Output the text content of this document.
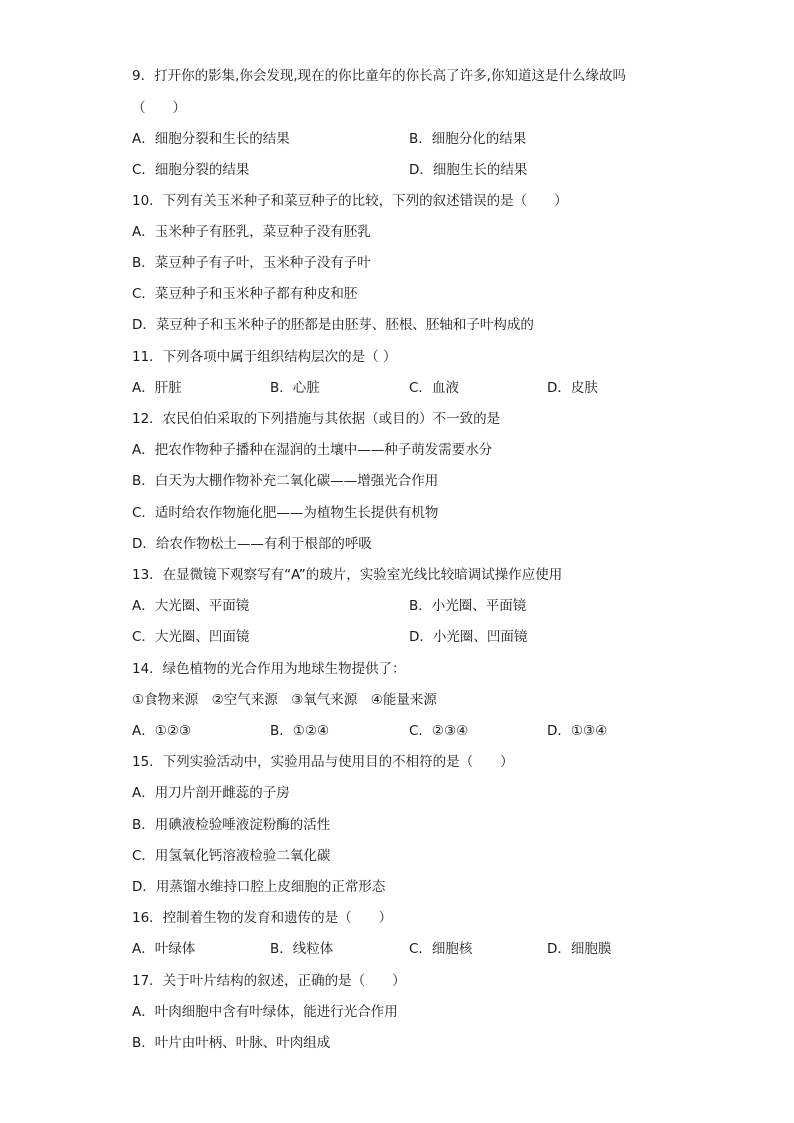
9．打开你的影集,你会发现,现在的你比童年的你长高了许多,你知道这是什么缘故吗
（　　）
A．细胞分裂和生长的结果	B．细胞分化的结果
C．细胞分裂的结果	D．细胞生长的结果
10．下列有关玉米种子和菜豆种子的比较，下列的叙述错误的是（　　）
A．玉米种子有胚乳，菜豆种子没有胚乳
B．菜豆种子有子叶，玉米种子没有子叶
C．菜豆种子和玉米种子都有种皮和胚
D．菜豆种子和玉米种子的胚都是由胚芽、胚根、胚轴和子叶构成的
11．下列各项中属于组织结构层次的是（ ）
A．肝脏	B．心脏	C．血液	D．皮肤
12．农民伯伯采取的下列措施与其依据（或目的）不一致的是
A．把农作物种子播种在湿润的土壤中——种子萌发需要水分
B．白天为大棚作物补充二氧化碳——增强光合作用
C．适时给农作物施化肥——为植物生长提供有机物
D．给农作物松土——有利于根部的呼吸
13．在显微镜下观察写有“A”的玻片，实验室光线比较暗调试操作应使用
A．大光圈、平面镜	B．小光圈、平面镜
C．大光圈、凹面镜	D．小光圈、凹面镜
14．绿色植物的光合作用为地球生物提供了：
①食物来源　②空气来源　③氧气来源　④能量来源
A．①②③	B．①②④	C．②③④	D．①③④
15．下列实验活动中，实验用品与使用目的不相符的是（　　）
A．用刀片剖开雌蕊的子房
B．用碘液检验唾液淀粉酶的活性
C．用氢氧化钙溶液检验二氧化碳
D．用蒸馏水维持口腔上皮细胞的正常形态
16．控制着生物的发育和遗传的是（　　）
A．叶绿体	B．线粒体	C．细胞核	D．细胞膜
17．关于叶片结构的叙述，正确的是（　　）
A．叶肉细胞中含有叶绿体，能进行光合作用
B．叶片由叶柄、叶脉、叶肉组成
